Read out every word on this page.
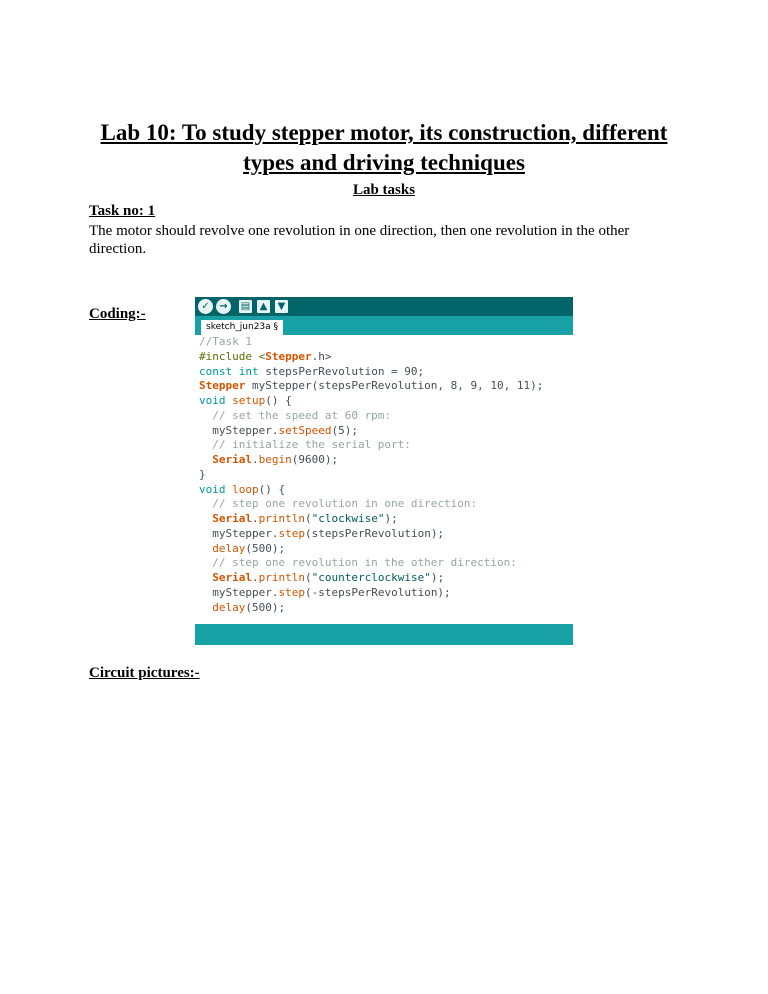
Lab 10: To study stepper motor, its construction, different types and driving techniques
Lab tasks
Task no: 1
The motor should revolve one revolution in one direction, then one revolution in the other direction.
Coding:-	✓ →	▤ ▲ ▼
sketch_jun23a §
//Task 1
#include <Stepper.h>
const int stepsPerRevolution = 90;
Stepper myStepper(stepsPerRevolution, 8, 9, 10, 11);
void setup() {
// set the speed at 60 rpm:
myStepper.setSpeed(5);
// initialize the serial port:
Serial.begin(9600);
}
void loop() {
// step one revolution in one direction:
Serial.println("clockwise");
myStepper.step(stepsPerRevolution);
delay(500);
// step one revolution in the other direction:
Serial.println("counterclockwise");
myStepper.step(-stepsPerRevolution);
delay(500);
Circuit pictures:-
